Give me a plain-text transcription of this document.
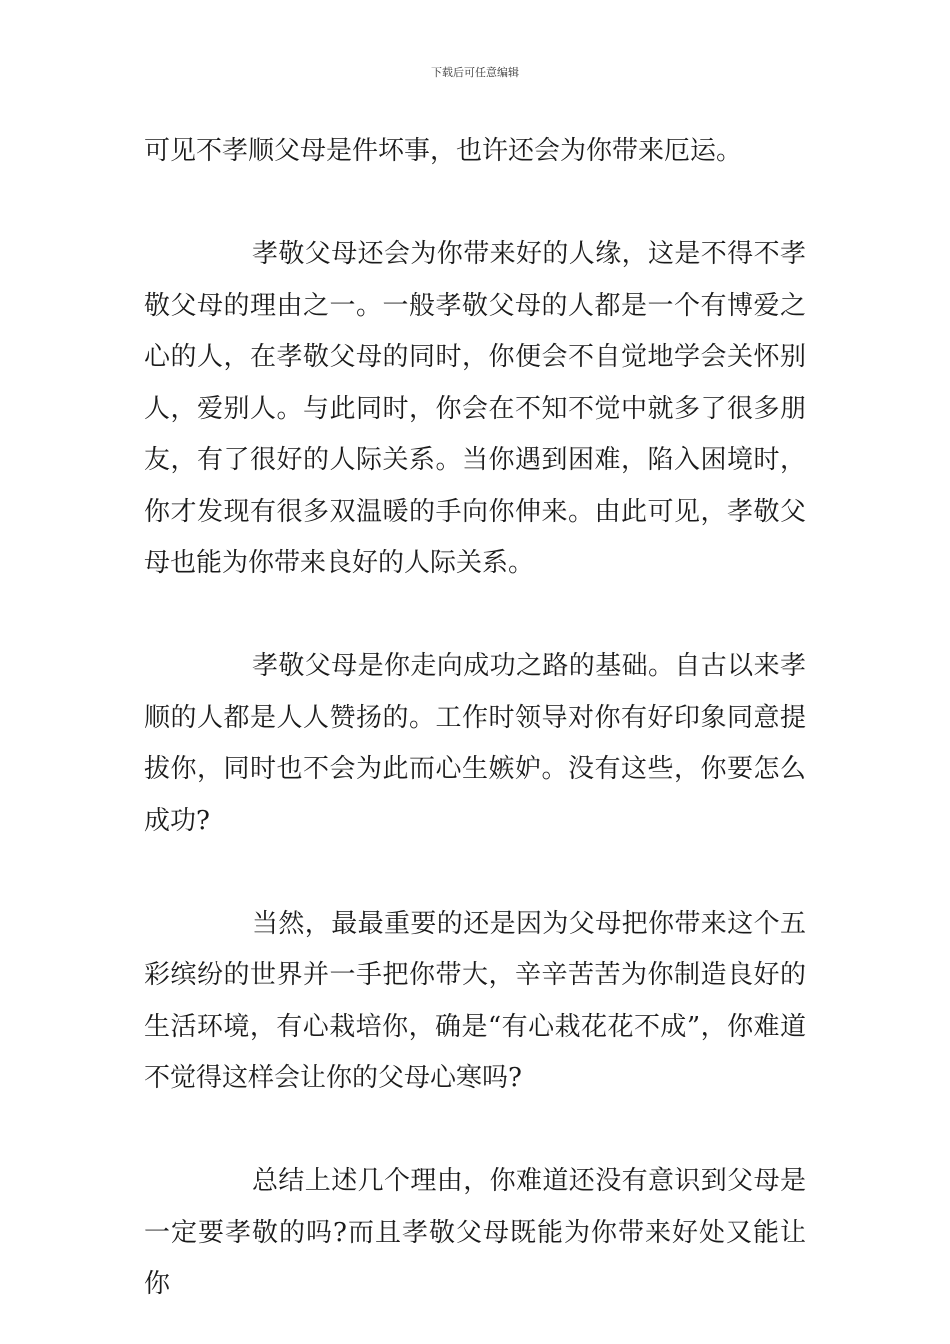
下载后可任意编辑

可见不孝顺父母是件坏事，也许还会为你带来厄运。

孝敬父母还会为你带来好的人缘，这是不得不孝敬父母的理由之一。一般孝敬父母的人都是一个有博爱之心的人，在孝敬父母的同时，你便会不自觉地学会关怀别人，爱别人。与此同时，你会在不知不觉中就多了很多朋友，有了很好的人际关系。当你遇到困难，陷入困境时，你才发现有很多双温暖的手向你伸来。由此可见，孝敬父母也能为你带来良好的人际关系。

孝敬父母是你走向成功之路的基础。自古以来孝顺的人都是人人赞扬的。工作时领导对你有好印象同意提拔你，同时也不会为此而心生嫉妒。没有这些，你要怎么成功?

当然，最最重要的还是因为父母把你带来这个五彩缤纷的世界并一手把你带大，辛辛苦苦为你制造良好的生活环境，有心栽培你，确是“有心栽花花不成”，你难道不觉得这样会让你的父母心寒吗?

总结上述几个理由，你难道还没有意识到父母是一定要孝敬的吗?而且孝敬父母既能为你带来好处又能让你
